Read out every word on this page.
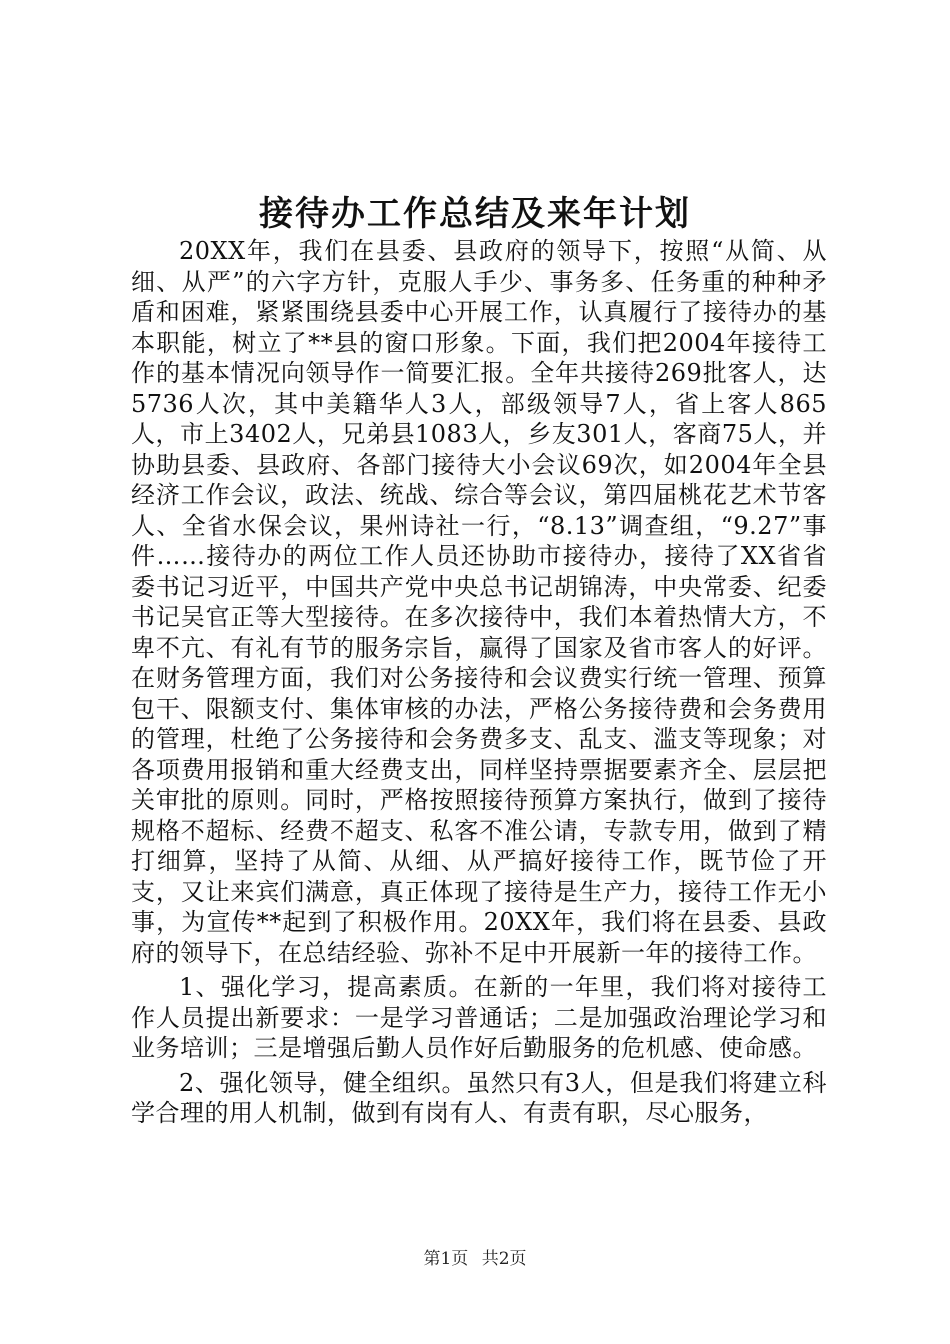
接待办工作总结及来年计划

20XX年，我们在县委、县政府的领导下，按照“从简、从细、从严”的六字方针，克服人手少、事务多、任务重的种种矛盾和困难，紧紧围绕县委中心开展工作，认真履行了接待办的基本职能，树立了**县的窗口形象。下面，我们把2004年接待工作的基本情况向领导作一简要汇报。全年共接待269批客人，达5736人次，其中美籍华人3人，部级领导7人，省上客人865人，市上3402人，兄弟县1083人，乡友301人，客商75人，并协助县委、县政府、各部门接待大小会议69次，如2004年全县经济工作会议，政法、统战、综合等会议，第四届桃花艺术节客人、全省水保会议，果州诗社一行，“8.13”调查组，“9.27”事件……接待办的两位工作人员还协助市接待办，接待了XX省省委书记习近平，中国共产党中央总书记胡锦涛，中央常委、纪委书记吴官正等大型接待。在多次接待中，我们本着热情大方，不卑不亢、有礼有节的服务宗旨，赢得了国家及省市客人的好评。在财务管理方面，我们对公务接待和会议费实行统一管理、预算包干、限额支付、集体审核的办法，严格公务接待费和会务费用的管理，杜绝了公务接待和会务费多支、乱支、滥支等现象；对各项费用报销和重大经费支出，同样坚持票据要素齐全、层层把关审批的原则。同时，严格按照接待预算方案执行，做到了接待规格不超标、经费不超支、私客不准公请，专款专用，做到了精打细算，坚持了从简、从细、从严搞好接待工作，既节俭了开支，又让来宾们满意，真正体现了接待是生产力，接待工作无小事，为宣传**起到了积极作用。20XX年，我们将在县委、县政府的领导下，在总结经验、弥补不足中开展新一年的接待工作。

1、强化学习，提高素质。在新的一年里，我们将对接待工作人员提出新要求：一是学习普通话；二是加强政治理论学习和业务培训；三是增强后勤人员作好后勤服务的危机感、使命感。

2、强化领导，健全组织。虽然只有3人，但是我们将建立科学合理的用人机制，做到有岗有人、有责有职，尽心服务，

第1页 共2页
